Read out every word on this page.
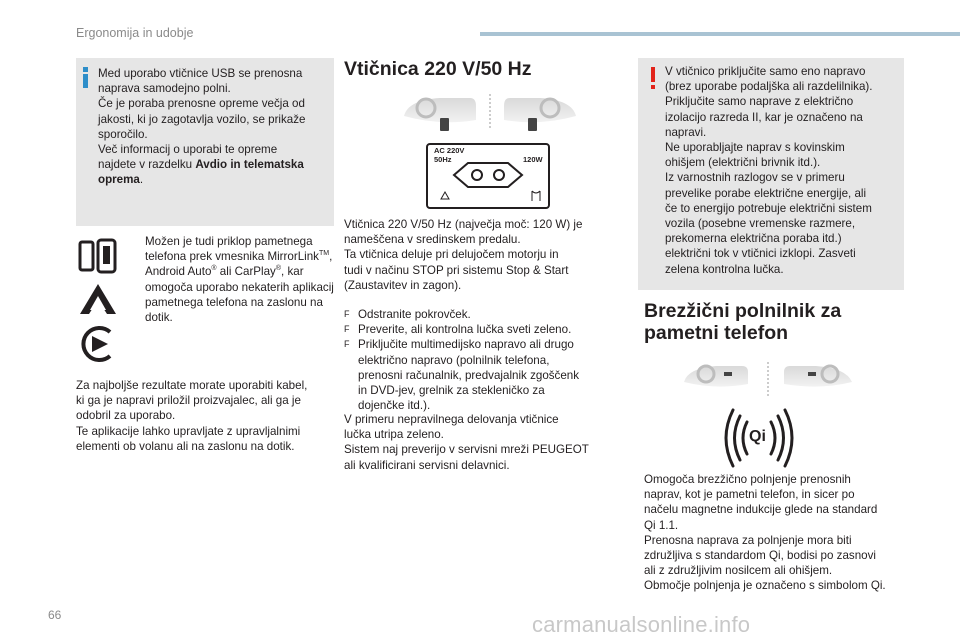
Ergonomija in udobje
Med uporabo vtičnice USB se prenosna
naprava samodejno polni.
Če je poraba prenosne opreme večja od
jakosti, ki jo zagotavlja vozilo, se prikaže
sporočilo.
Več informacij o uporabi te opreme
najdete v razdelku Avdio in telematska
oprema.
Možen je tudi priklop pametnega
telefona prek vmesnika MirrorLink™,
Android Auto® ali CarPlay®, kar
omogoča uporabo nekaterih aplikacij
pametnega telefona na zaslonu na
dotik.
Za najboljše rezultate morate uporabiti kabel,
ki ga je napravi priložil proizvajalec, ali ga je
odobril za uporabo.
Te aplikacije lahko upravljate z upravljalnimi
elementi ob volanu ali na zaslonu na dotik.
Vtičnica 220 V/50 Hz
AC 220V
50Hz	120W
Vtičnica 220 V/50 Hz (največja moč: 120 W) je
nameščena v sredinskem predalu.
Ta vtičnica deluje pri delujočem motorju in
tudi v načinu STOP pri sistemu Stop & Start
(Zaustavitev in zagon).
F Odstranite pokrovček.
F Preverite, ali kontrolna lučka sveti zeleno.
F Priključite multimedijsko napravo ali drugo
električno napravo (polnilnik telefona,
prenosni računalnik, predvajalnik zgoščenk
in DVD-jev, grelnik za stekleničko za
dojenčke itd.).
V primeru nepravilnega delovanja vtičnice
lučka utripa zeleno.
Sistem naj preverijo v servisni mreži PEUGEOT
ali kvalificirani servisni delavnici.
V vtičnico priključite samo eno napravo
(brez uporabe podaljška ali razdelilnika).
Priključite samo naprave z električno
izolacijo razreda II, kar je označeno na
napravi.
Ne uporabljajte naprav s kovinskim
ohišjem (električni brivnik itd.).
Iz varnostnih razlogov se v primeru
prevelike porabe električne energije, ali
če to energijo potrebuje električni sistem
vozila (posebne vremenske razmere,
prekomerna električna poraba itd.)
električni tok v vtičnici izklopi. Zasveti
zelena kontrolna lučka.
Brezžični polnilnik za
pametni telefon
Qi
Omogoča brezžično polnjenje prenosnih
naprav, kot je pametni telefon, in sicer po
načelu magnetne indukcije glede na standard
Qi 1.1.
Prenosna naprava za polnjenje mora biti
združljiva s standardom Qi, bodisi po zasnovi
ali z združljivim nosilcem ali ohišjem.
Območje polnjenja je označeno s simbolom Qi.
66	carmanualsonline.info
